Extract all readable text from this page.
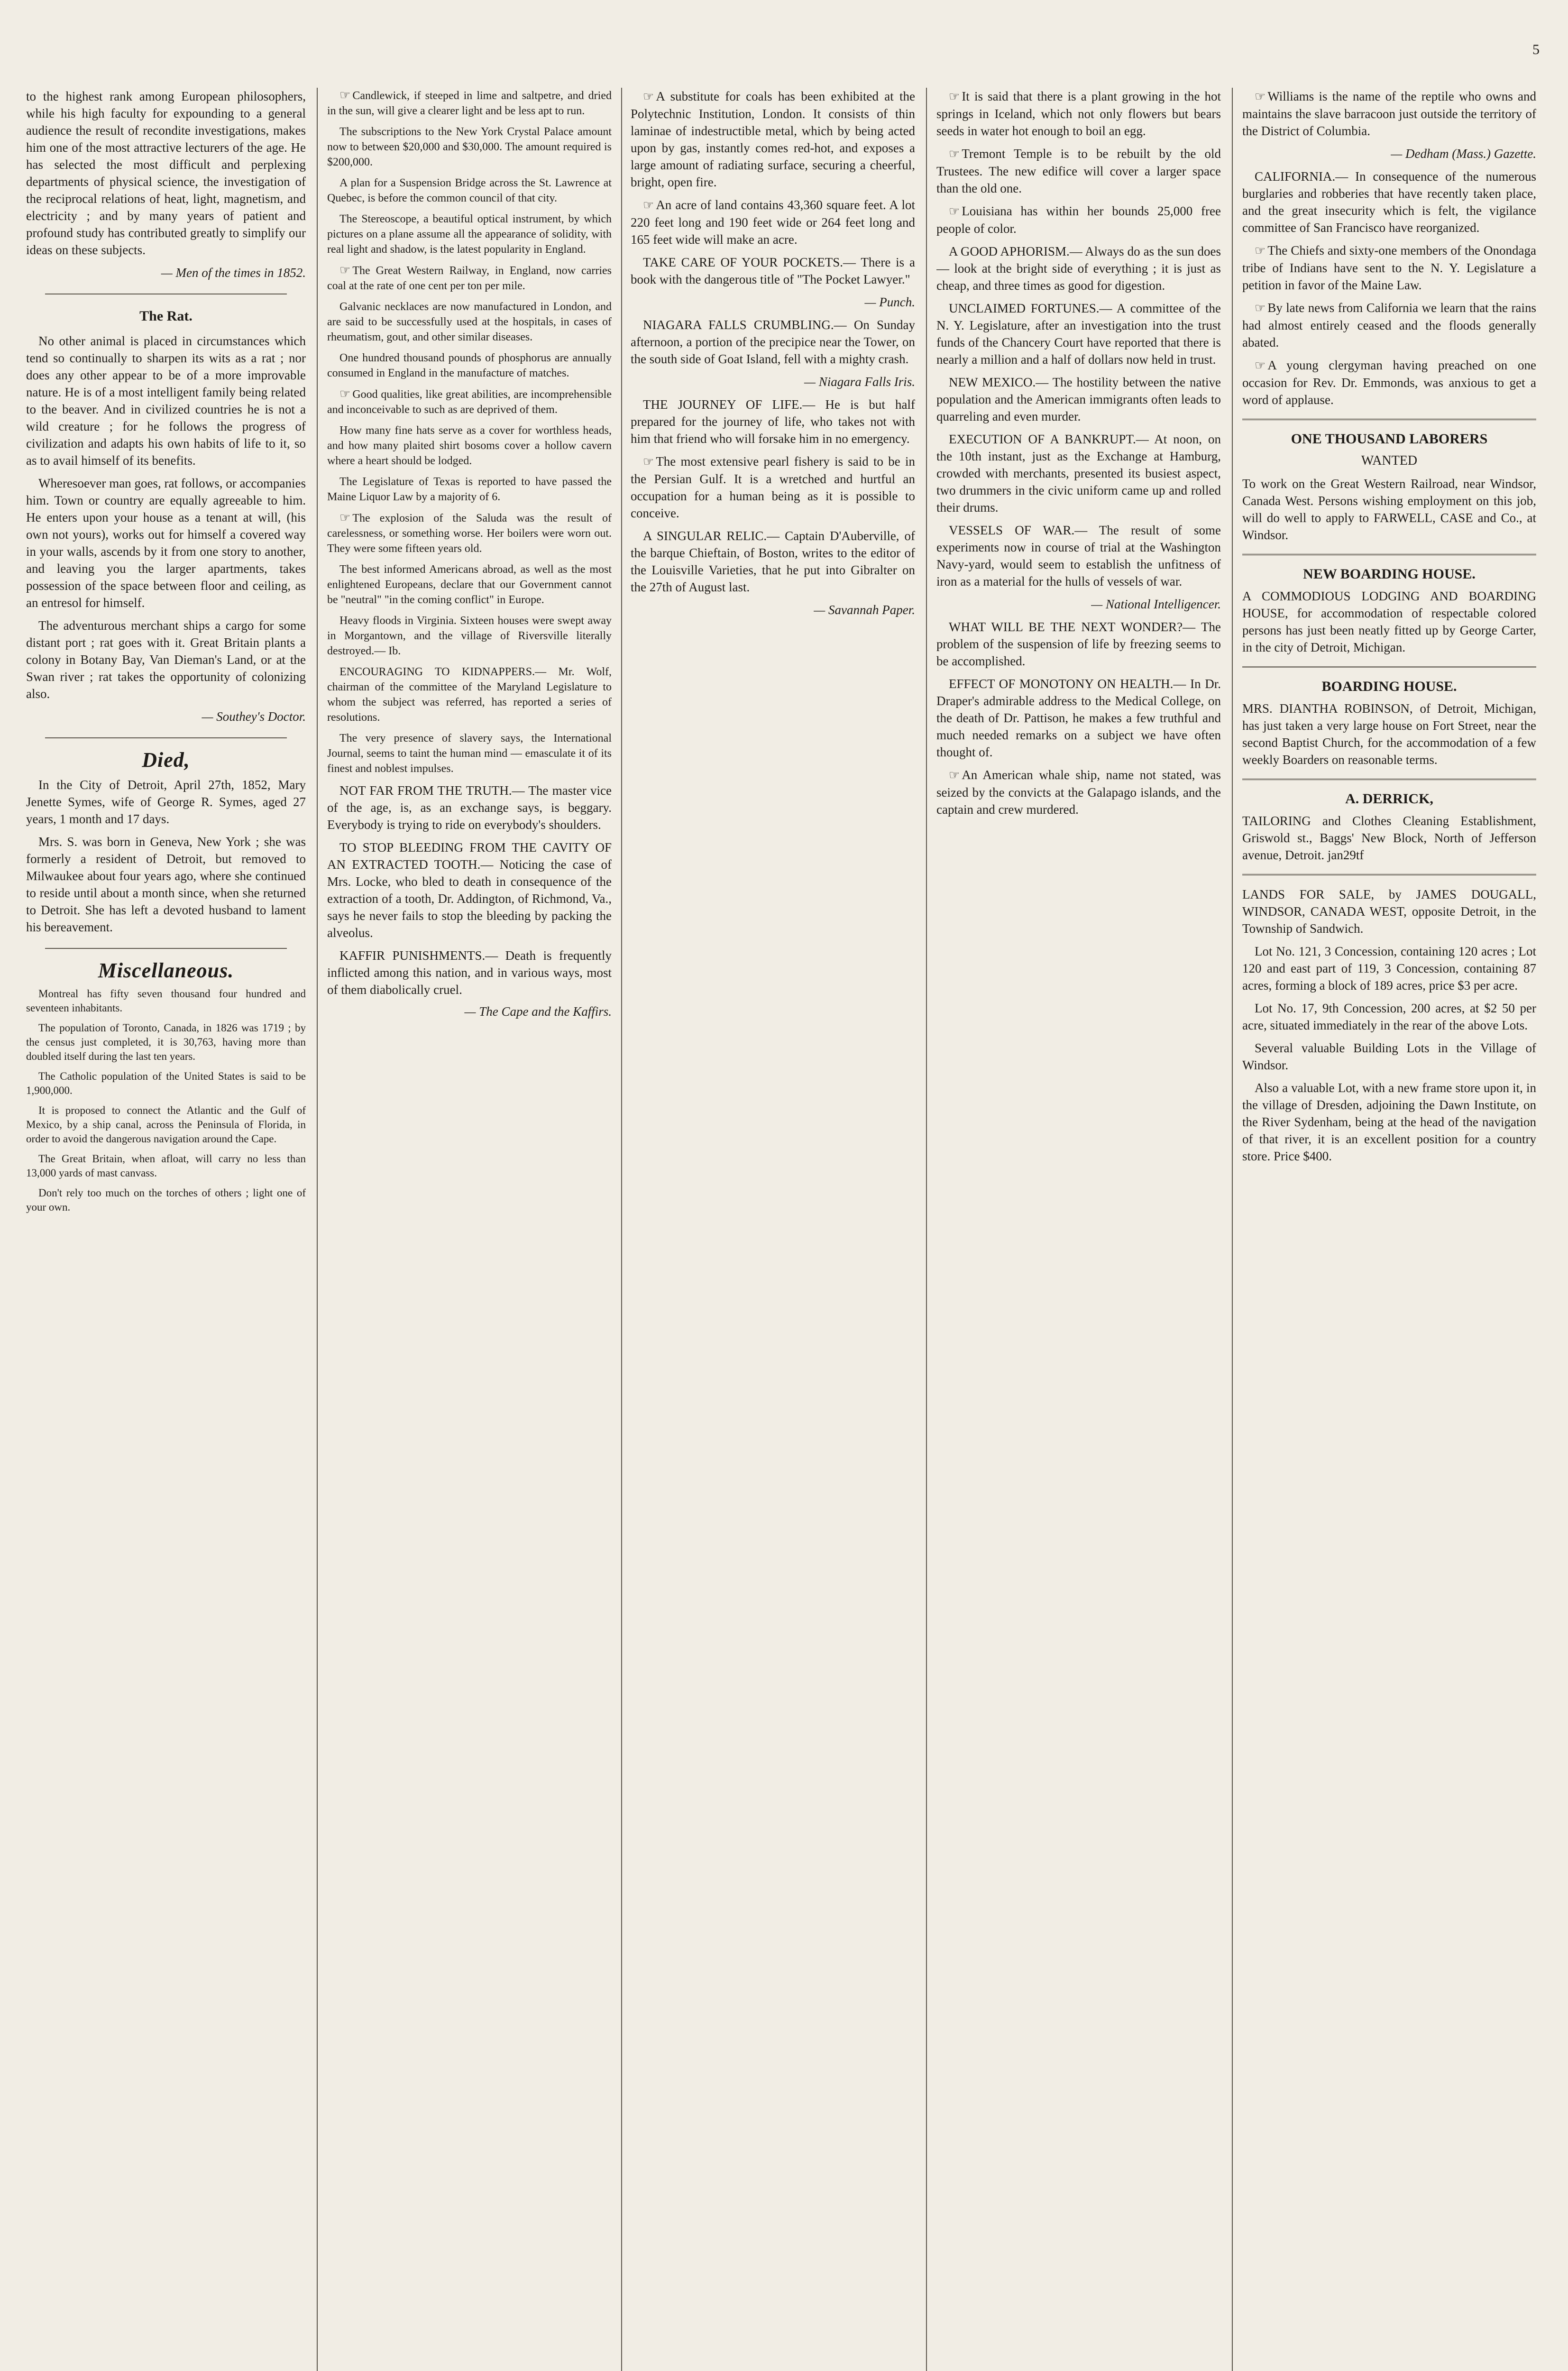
5

to the highest rank among European philosophers, while his high faculty for expounding to a general audience the result of recondite investigations, makes him one of the most attractive lecturers of the age. He has selected the most difficult and perplexing departments of physical science, the investigation of the reciprocal relations of heat, light, magnetism, and electricity ; and by many years of patient and profound study has contributed greatly to simplify our ideas on these subjects.

— Men of the times in 1852.

The Rat.

No other animal is placed in circumstances which tend so continually to sharpen its wits as a rat ; nor does any other appear to be of a more improvable nature. He is of a most intelligent family being related to the beaver. And in civilized countries he is not a wild creature ; for he follows the progress of civilization and adapts his own habits of life to it, so as to avail himself of its benefits.

Wheresoever man goes, rat follows, or accompanies him. Town or country are equally agreeable to him. He enters upon your house as a tenant at will, (his own not yours), works out for himself a covered way in your walls, ascends by it from one story to another, and leaving you the larger apartments, takes possession of the space between floor and ceiling, as an entresol for himself.

The adventurous merchant ships a cargo for some distant port ; rat goes with it. Great Britain plants a colony in Botany Bay, Van Dieman's Land, or at the Swan river ; rat takes the opportunity of colonizing also.

— Southey's Doctor.

Died,

In the City of Detroit, April 27th, 1852, Mary Jenette Symes, wife of George R. Symes, aged 27 years, 1 month and 17 days.

Mrs. S. was born in Geneva, New York ; she was formerly a resident of Detroit, but removed to Milwaukee about four years ago, where she continued to reside until about a month since, when she returned to Detroit. She has left a devoted husband to lament his bereavement.

Miscellaneous.

Montreal has fifty seven thousand four hundred and seventeen inhabitants.

The population of Toronto, Canada, in 1826 was 1719 ; by the census just completed, it is 30,763, having more than doubled itself during the last ten years.

The Catholic population of the United States is said to be 1,900,000.

It is proposed to connect the Atlantic and the Gulf of Mexico, by a ship canal, across the Peninsula of Florida, in order to avoid the dangerous navigation around the Cape.

The Great Britain, when afloat, will carry no less than 13,000 yards of mast canvass.

Don't rely too much on the torches of others ; light one of your own.

☞ Candlewick, if steeped in lime and saltpetre, and dried in the sun, will give a clearer light and be less apt to run.

The subscriptions to the New York Crystal Palace amount now to between $20,000 and $30,000. The amount required is $200,000.

A plan for a Suspension Bridge across the St. Lawrence at Quebec, is before the common council of that city.

The Stereoscope, a beautiful optical instrument, by which pictures on a plane assume all the appearance of solidity, with real light and shadow, is the latest popularity in England.

☞ The Great Western Railway, in England, now carries coal at the rate of one cent per ton per mile.

Galvanic necklaces are now manufactured in London, and are said to be successfully used at the hospitals, in cases of rheumatism, gout, and other similar diseases.

One hundred thousand pounds of phosphorus are annually consumed in England in the manufacture of matches.

☞ Good qualities, like great abilities, are incomprehensible and inconceivable to such as are deprived of them.

How many fine hats serve as a cover for worthless heads, and how many plaited shirt bosoms cover a hollow cavern where a heart should be lodged.

The Legislature of Texas is reported to have passed the Maine Liquor Law by a majority of 6.

☞ The explosion of the Saluda was the result of carelessness, or something worse. Her boilers were worn out. They were some fifteen years old.

The best informed Americans abroad, as well as the most enlightened Europeans, declare that our Government cannot be "neutral" "in the coming conflict" in Europe.

Heavy floods in Virginia. Sixteen houses were swept away in Morgantown, and the village of Riversville literally destroyed.— Ib.

ENCOURAGING TO KIDNAPPERS.— Mr. Wolf, chairman of the committee of the Maryland Legislature to whom the subject was referred, has reported a series of resolutions.

The very presence of slavery says, the International Journal, seems to taint the human mind — emasculate it of its finest and noblest impulses.

NOT FAR FROM THE TRUTH.— The master vice of the age, is, as an exchange says, is beggary. Everybody is trying to ride on everybody's shoulders.

TO STOP BLEEDING FROM THE CAVITY OF AN EXTRACTED TOOTH.— Noticing the case of Mrs. Locke, who bled to death in consequence of the extraction of a tooth, Dr. Addington, of Richmond, Va., says he never fails to stop the bleeding by packing the alveolus.

KAFFIR PUNISHMENTS.— Death is frequently inflicted among this nation, and in various ways, most of them diabolically cruel.

— The Cape and the Kaffirs.

☞ A substitute for coals has been exhibited at the Polytechnic Institution, London. It consists of thin laminae of indestructible metal, which by being acted upon by gas, instantly comes red-hot, and exposes a large amount of radiating surface, securing a cheerful, bright, open fire.

☞ An acre of land contains 43,360 square feet. A lot 220 feet long and 190 feet wide or 264 feet long and 165 feet wide will make an acre.

TAKE CARE OF YOUR POCKETS.— There is a book with the dangerous title of "The Pocket Lawyer."

— Punch.

NIAGARA FALLS CRUMBLING.— On Sunday afternoon, a portion of the precipice near the Tower, on the south side of Goat Island, fell with a mighty crash.

— Niagara Falls Iris.

THE JOURNEY OF LIFE.— He is but half prepared for the journey of life, who takes not with him that friend who will forsake him in no emergency.

☞ The most extensive pearl fishery is said to be in the Persian Gulf. It is a wretched and hurtful an occupation for a human being as it is possible to conceive.

A SINGULAR RELIC.— Captain D'Auberville, of the barque Chieftain, of Boston, writes to the editor of the Louisville Varieties, that he put into Gibralter on the 27th of August last.

— Savannah Paper.

☞ It is said that there is a plant growing in the hot springs in Iceland, which not only flowers but bears seeds in water hot enough to boil an egg.

☞ Tremont Temple is to be rebuilt by the old Trustees. The new edifice will cover a larger space than the old one.

☞ Louisiana has within her bounds 25,000 free people of color.

A GOOD APHORISM.— Always do as the sun does — look at the bright side of everything ; it is just as cheap, and three times as good for digestion.

UNCLAIMED FORTUNES.— A committee of the N. Y. Legislature, after an investigation into the trust funds of the Chancery Court have reported that there is nearly a million and a half of dollars now held in trust.

NEW MEXICO.— The hostility between the native population and the American immigrants often leads to quarreling and even murder.

EXECUTION OF A BANKRUPT.— At noon, on the 10th instant, just as the Exchange at Hamburg, crowded with merchants, presented its busiest aspect, two drummers in the civic uniform came up and rolled their drums.

VESSELS OF WAR.— The result of some experiments now in course of trial at the Washington Navy-yard, would seem to establish the unfitness of iron as a material for the hulls of vessels of war.

— National Intelligencer.

WHAT WILL BE THE NEXT WONDER?— The problem of the suspension of life by freezing seems to be accomplished.

EFFECT OF MONOTONY ON HEALTH.— In Dr. Draper's admirable address to the Medical College, on the death of Dr. Pattison, he makes a few truthful and much needed remarks on a subject we have often thought of.

☞ An American whale ship, name not stated, was seized by the convicts at the Galapago islands, and the captain and crew murdered.

☞ Williams is the name of the reptile who owns and maintains the slave barracoon just outside the territory of the District of Columbia.

— Dedham (Mass.) Gazette.

CALIFORNIA.— In consequence of the numerous burglaries and robberies that have recently taken place, and the great insecurity which is felt, the vigilance committee of San Francisco have reorganized.

☞ The Chiefs and sixty-one members of the Onondaga tribe of Indians have sent to the N. Y. Legislature a petition in favor of the Maine Law.

☞ By late news from California we learn that the rains had almost entirely ceased and the floods generally abated.

☞ A young clergyman having preached on one occasion for Rev. Dr. Emmonds, was anxious to get a word of applause.

ONE THOUSAND LABORERS
WANTED

To work on the Great Western Railroad, near Windsor, Canada West. Persons wishing employment on this job, will do well to apply to FARWELL, CASE and Co., at Windsor.

NEW BOARDING HOUSE.

A COMMODIOUS LODGING AND BOARDING HOUSE, for accommodation of respectable colored persons has just been neatly fitted up by George Carter, in the city of Detroit, Michigan.

BOARDING HOUSE.

MRS. DIANTHA ROBINSON, of Detroit, Michigan, has just taken a very large house on Fort Street, near the second Baptist Church, for the accommodation of a few weekly Boarders on reasonable terms.

A. DERRICK,

TAILORING and Clothes Cleaning Establishment, Griswold st., Baggs' New Block, North of Jefferson avenue, Detroit. jan29tf

LANDS FOR SALE, by JAMES DOUGALL, WINDSOR, CANADA WEST, opposite Detroit, in the Township of Sandwich.

Lot No. 121, 3 Concession, containing 120 acres ; Lot 120 and east part of 119, 3 Concession, containing 87 acres, forming a block of 189 acres, price $3 per acre.

Lot No. 17, 9th Concession, 200 acres, at $2 50 per acre, situated immediately in the rear of the above Lots.

Several valuable Building Lots in the Village of Windsor.

Also a valuable Lot, with a new frame store upon it, in the village of Dresden, adjoining the Dawn Institute, on the River Sydenham, being at the head of the navigation of that river, it is an excellent position for a country store. Price $400.
